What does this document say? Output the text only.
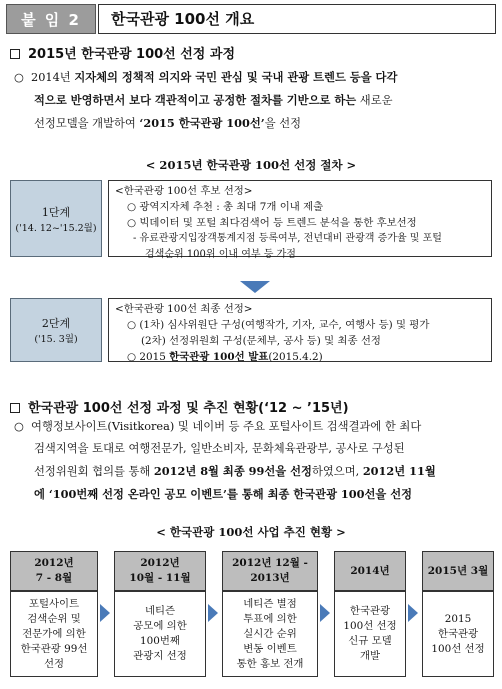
붙 임 2	한국관광 100선 개요
2015년 한국관광 100선 선정 과정
○ 2014년 지자체의 정책적 의지와 국민 관심 및 국내 관광 트렌드 등을 다각
적으로 반영하면서 보다 객관적이고 공정한 절차를 기반으로 하는 새로운
선정모델을 개발하여 ‘2015 한국관광 100선’을 선정
< 2015년 한국관광 100선 선정 절차 >
1단계
('14. 12~'15.2월)
<한국관광 100선 후보 선정>
○ 광역지자체 추천 : 총 최대 7개 이내 제출
○ 빅데이터 및 포털 최다검색어 등 트렌드 분석을 통한 후보선정
- 유료관광지입장객통계지점 등록여부, 전년대비 관광객 증가율 및 포털
검색순위 100위 이내 여부 등 가점
2단계
('15. 3월)
<한국관광 100선 최종 선정>
○ (1차) 심사위원단 구성(여행작가, 기자, 교수, 여행사 등) 및 평가
(2차) 선정위원회 구성(문체부, 공사 등) 및 최종 선정
○ 2015 한국관광 100선 발표(2015.4.2)
한국관광 100선 선정 과정 및 추진 현황(‘12 ~ ’15년)
○ 여행정보사이트(Visitkorea) 및 네이버 등 주요 포털사이트 검색결과에 한 최다
검색지역을 토대로 여행전문가, 일반소비자, 문화체육관광부, 공사로 구성된
선정위원회 협의를 통해 2012년 8월 최종 99선을 선정하였으며, 2012년 11월
에 ‘100번째 선정 온라인 공모 이벤트’를 통해 최종 한국관광 100선을 선정
< 한국관광 100선 사업 추진 현황 >
2012년
7 - 8월
포털사이트
검색순위 및
전문가에 의한
한국관광 99선
선정
2012년
10월 - 11월
네티즌
공모에 의한
100번째
관광지 선정
2012년 12월 -
2013년
네티즌 별점
투표에 의한
실시간 순위
변동 이벤트
통한 홍보 전개
2014년
한국관광
100선 선정
신규 모델
개발
2015년 3월
2015
한국관광
100선 선정
